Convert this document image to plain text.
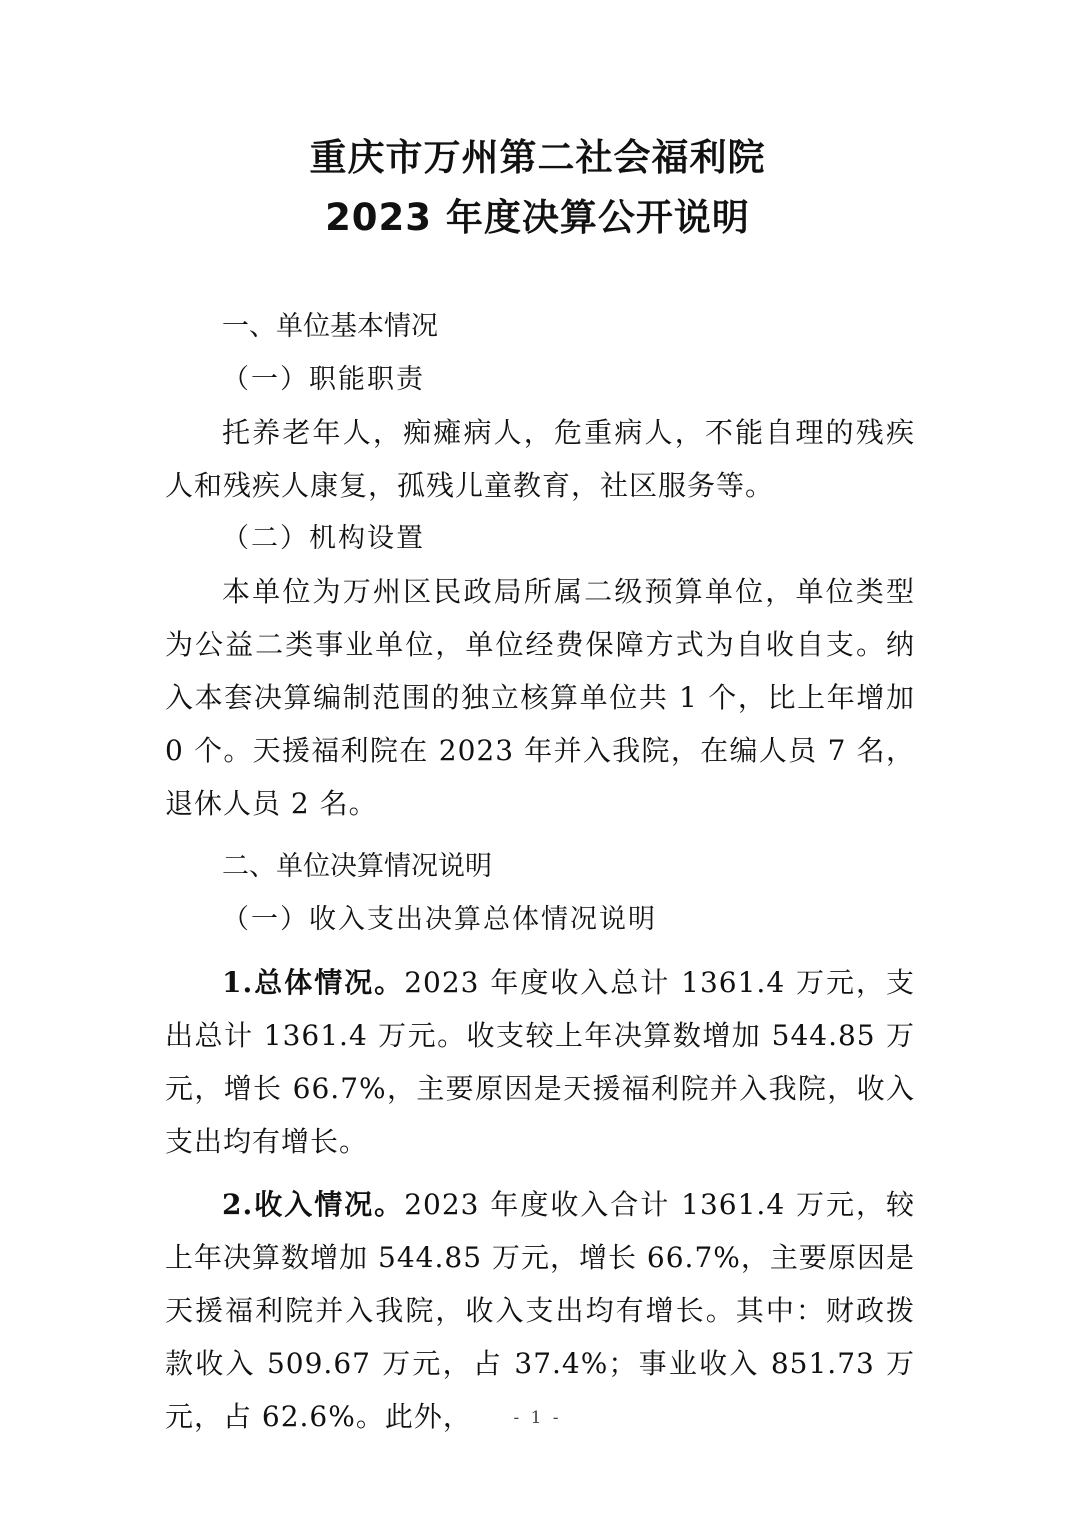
重庆市万州第二社会福利院
2023 年度决算公开说明

一、单位基本情况

（一）职能职责

托养老年人，痴瘫病人，危重病人，不能自理的残疾人和残疾人康复，孤残儿童教育，社区服务等。

（二）机构设置

本单位为万州区民政局所属二级预算单位，单位类型为公益二类事业单位，单位经费保障方式为自收自支。纳入本套决算编制范围的独立核算单位共 1 个，比上年增加 0 个。天援福利院在 2023 年并入我院，在编人员 7 名，退休人员 2 名。

二、单位决算情况说明

（一）收入支出决算总体情况说明

1.总体情况。2023 年度收入总计 1361.4 万元，支出总计 1361.4 万元。收支较上年决算数增加 544.85 万元，增长 66.7%，主要原因是天援福利院并入我院，收入支出均有增长。

2.收入情况。2023 年度收入合计 1361.4 万元，较上年决算数增加 544.85 万元，增长 66.7%，主要原因是天援福利院并入我院，收入支出均有增长。其中：财政拨款收入 509.67 万元，占 37.4%；事业收入 851.73 万元，占 62.6%。此外，	- 1 -
